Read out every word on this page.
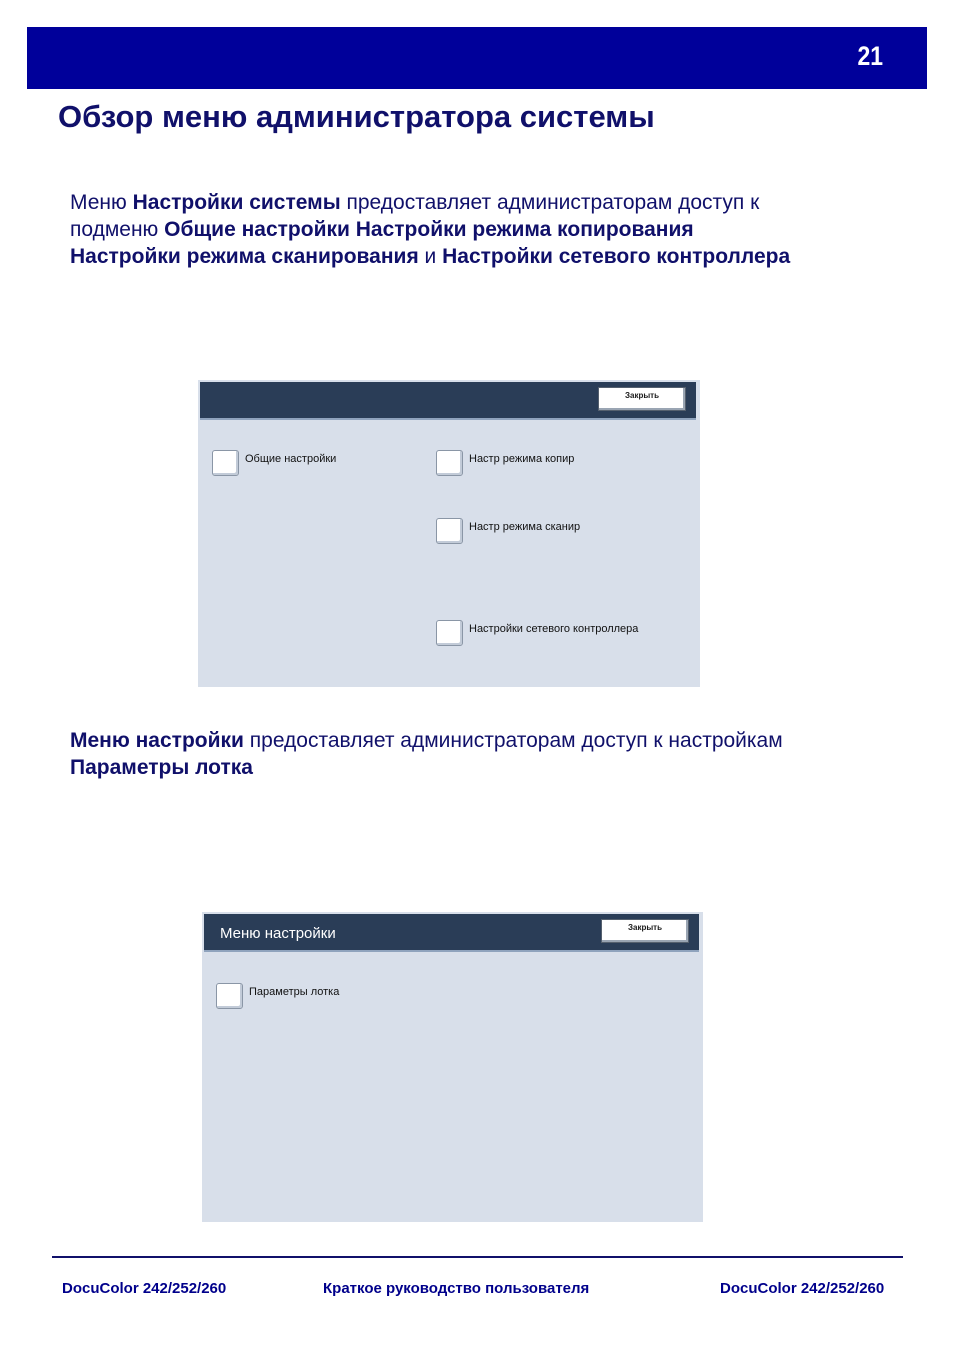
21
Обзор меню администратора системы

Меню Настройки системы предоставляет администраторам доступ к подменю Общие настройки Настройки режима копирования Настройки режима сканирования и Настройки сетевого контроллера

Закрыть
Общие настройки	Настр режима копир
Настр режима сканир
Настройки сетевого контроллера

Меню настройки предоставляет администраторам доступ к настройкам Параметры лотка

Меню настройки	Закрыть
Параметры лотка
DocuColor 242/252/260	Краткое руководство пользователя	DocuColor 242/252/260
